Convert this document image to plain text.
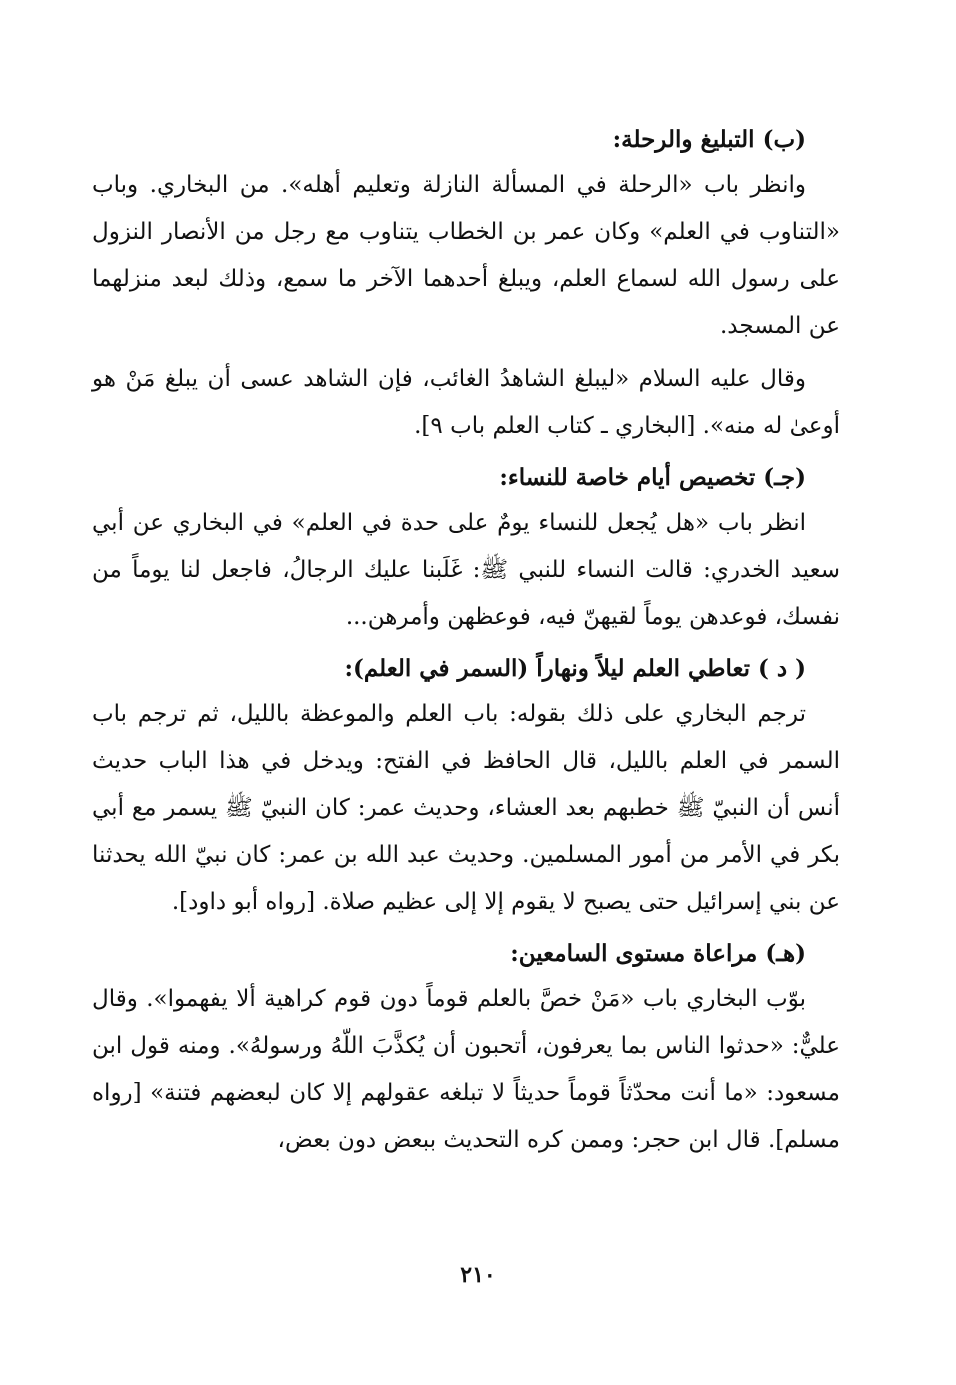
(ب) التبليغ والرحلة:

وانظر باب «الرحلة في المسألة النازلة وتعليم أهله». من البخاري. وباب «التناوب في العلم» وكان عمر بن الخطاب يتناوب مع رجل من الأنصار النزول على رسول الله لسماع العلم، ويبلغ أحدهما الآخر ما سمع، وذلك لبعد منزلهما عن المسجد.

وقال عليه السلام «ليبلغ الشاهدُ الغائب، فإن الشاهد عسى أن يبلغ مَنْ هو أوعىٰ له منه». [البخاري ـ كتاب العلم باب ٩].

(جـ) تخصيص أيام خاصة للنساء:

انظر باب «هل يُجعل للنساء يومٌ على حدة في العلم» في البخاري عن أبي سعيد الخدري: قالت النساء للنبي ﷺ: غَلَبنا عليك الرجالُ، فاجعل لنا يوماً من نفسك، فوعدهن يوماً لقيهنّ فيه، فوعظهن وأمرهن...

( د ) تعاطي العلم ليلاً ونهاراً (السمر في العلم):

ترجم البخاري على ذلك بقوله: باب العلم والموعظة بالليل، ثم ترجم باب السمر في العلم بالليل، قال الحافظ في الفتح: ويدخل في هذا الباب حديث أنس أن النبيّ ﷺ خطبهم بعد العشاء، وحديث عمر: كان النبيّ ﷺ يسمر مع أبي بكر في الأمر من أمور المسلمين. وحديث عبد الله بن عمر: كان نبيّ الله يحدثنا عن بني إسرائيل حتى يصبح لا يقوم إلا إلى عظيم صلاة. [رواه أبو داود].

(هـ) مراعاة مستوى السامعين:

بوّب البخاري باب «مَنْ خصَّ بالعلم قوماً دون قوم كراهية ألا يفهموا». وقال عليٌّ: «حدثوا الناس بما يعرفون، أتحبون أن يُكذَّبَ اللّهُ ورسولهُ». ومنه قول ابن مسعود: «ما أنت محدّثاً قوماً حديثاً لا تبلغه عقولهم إلا كان لبعضهم فتنة» [رواه مسلم]. قال ابن حجر: وممن كره التحديث ببعض دون بعض،

٢١٠
